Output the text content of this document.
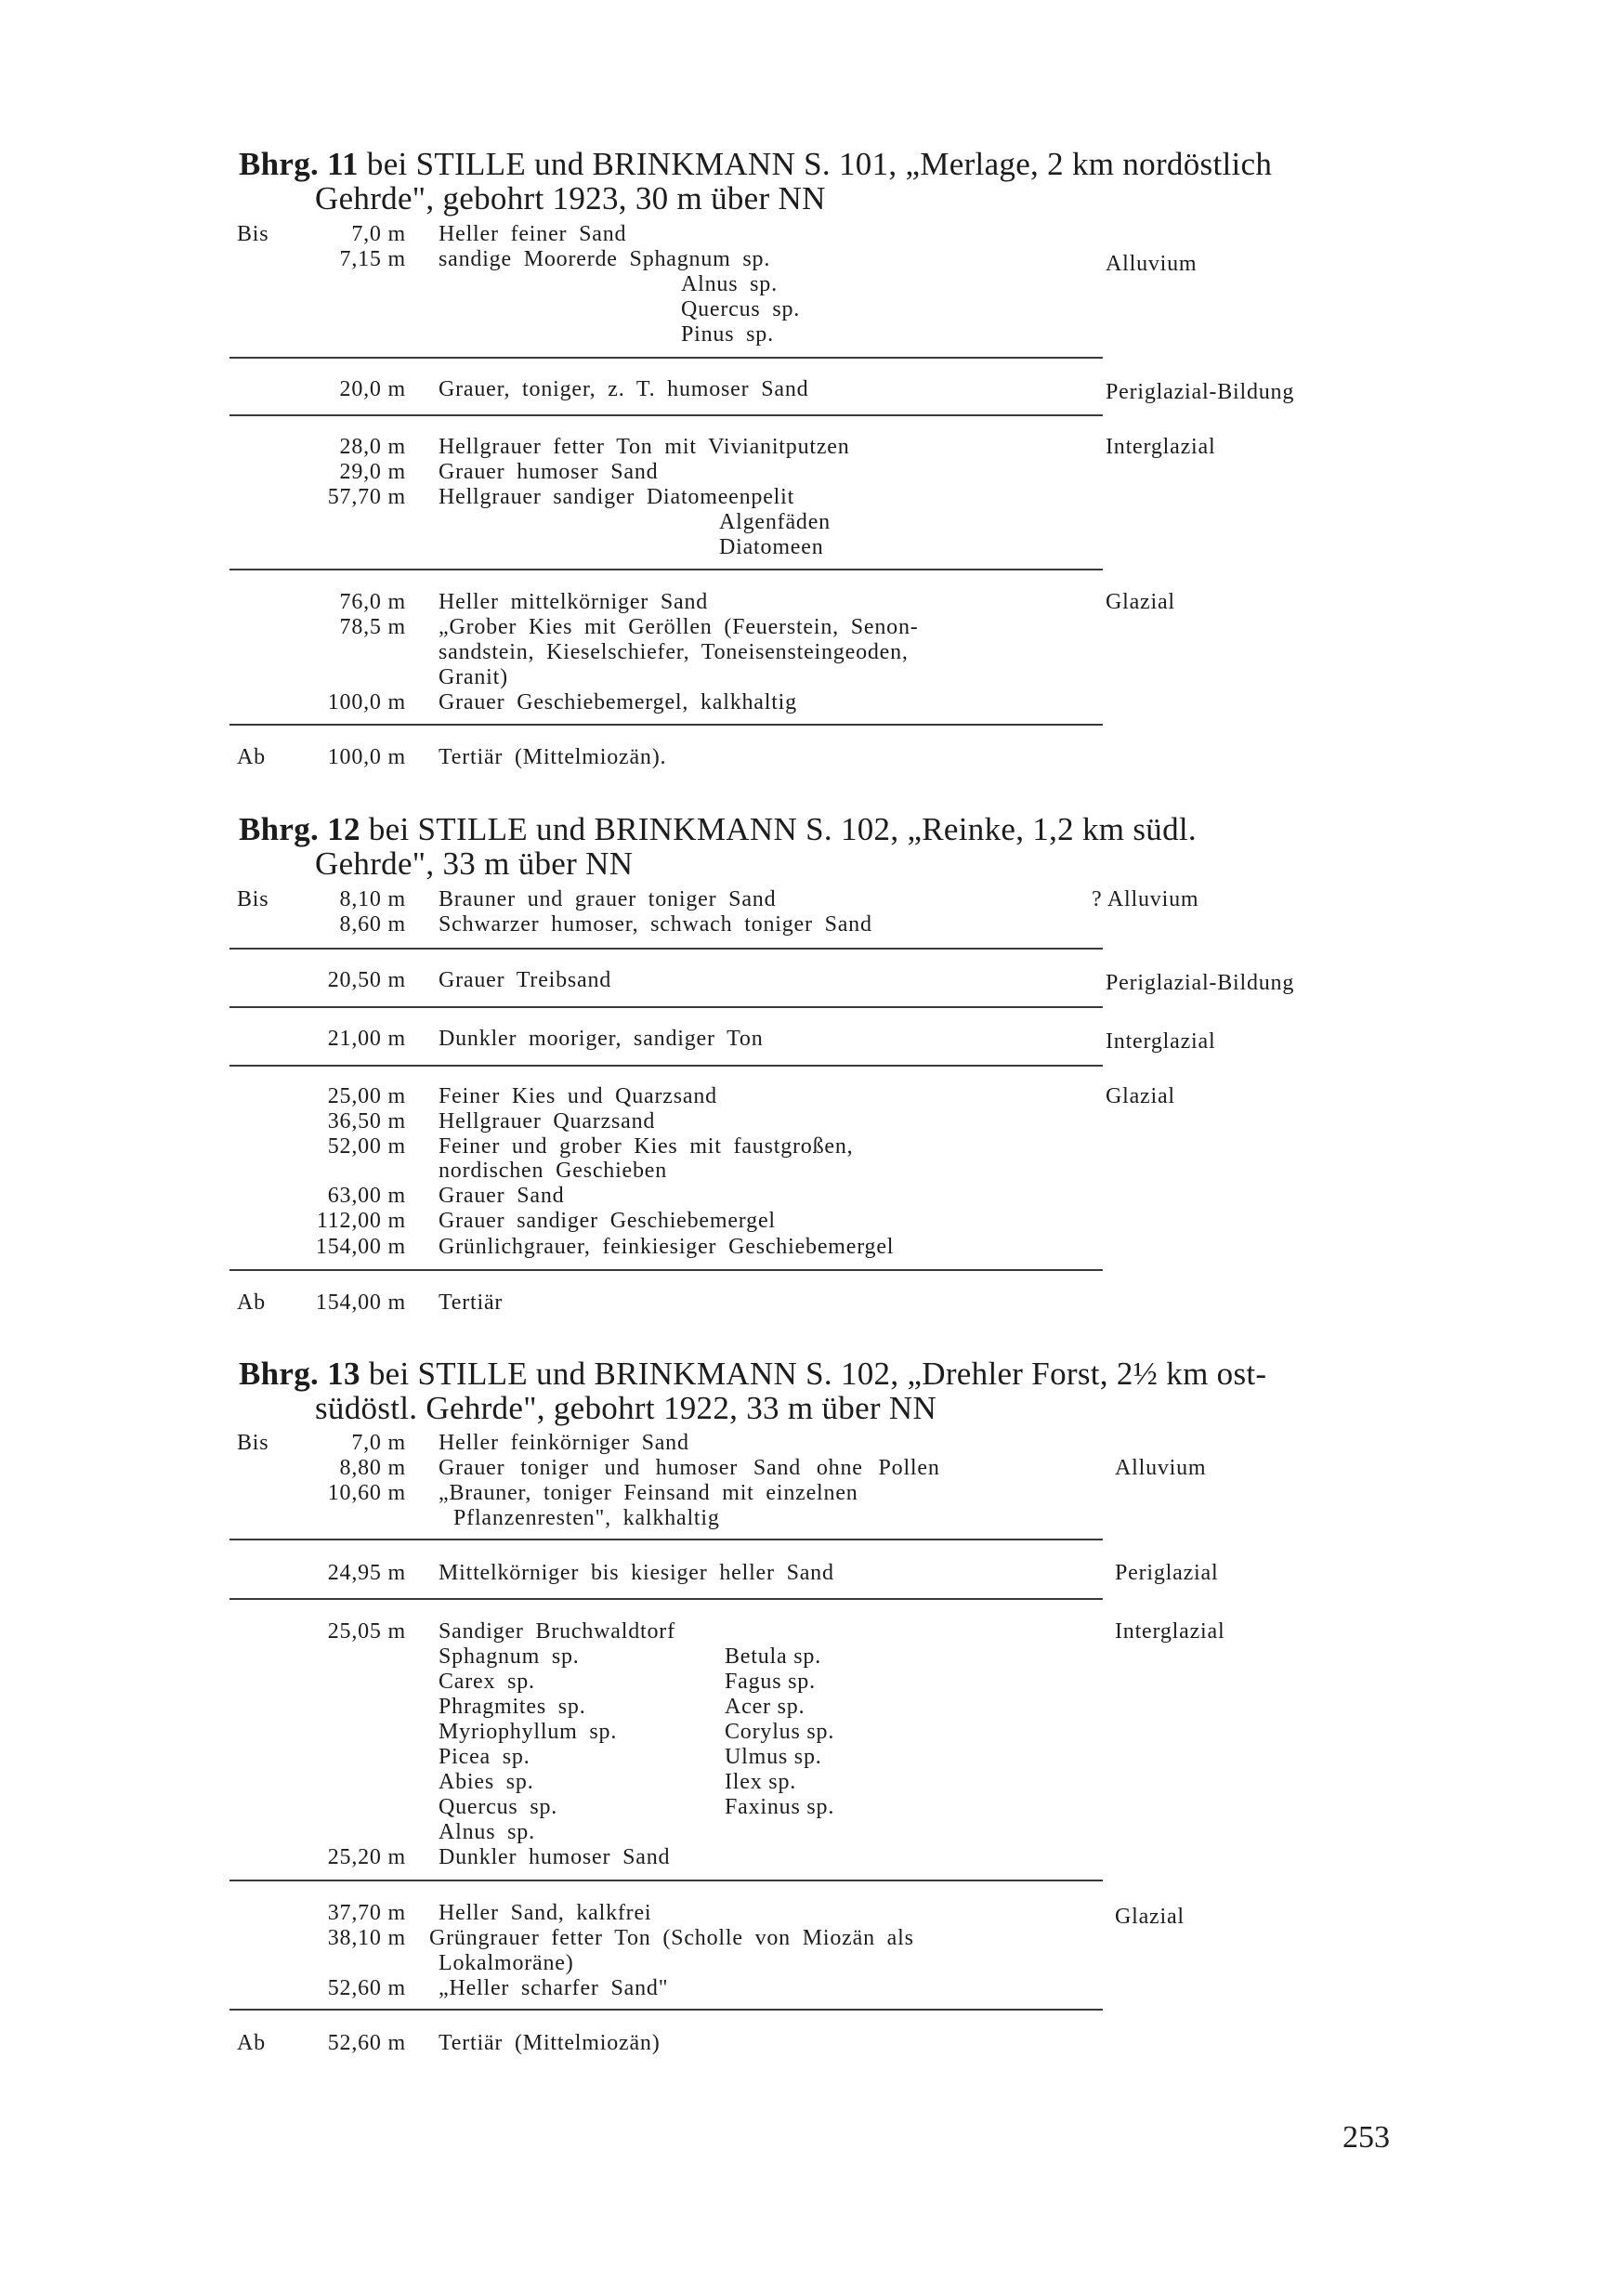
Bhrg. 11 bei STILLE und BRINKMANN S. 101, „Merlage, 2 km nordöstlich
Gehrde", gebohrt 1923, 30 m über NN
Bis	7,0 m Heller feiner Sand
7,15 m sandige Moorerde Sphagnum sp.	Alluvium
Alnus sp.
Quercus sp.
Pinus sp.
20,0 m Grauer, toniger, z. T. humoser Sand	Periglazial-Bildung
28,0 m Hellgrauer fetter Ton mit Vivianitputzen	Interglazial
29,0 m Grauer humoser Sand
57,70 m Hellgrauer sandiger Diatomeenpelit
Algenfäden
Diatomeen
76,0 m Heller mittelkörniger Sand	Glazial
78,5 m „Grober Kies mit Geröllen (Feuerstein, Senon-
sandstein, Kieselschiefer, Toneisensteingeoden,
Granit)
100,0 m Grauer Geschiebemergel, kalkhaltig
Ab	100,0 m Tertiär (Mittelmiozän).
Bhrg. 12 bei STILLE und BRINKMANN S. 102, „Reinke, 1,2 km südl.
Gehrde", 33 m über NN
Bis	8,10 m Brauner und grauer toniger Sand	? Alluvium
8,60 m Schwarzer humoser, schwach toniger Sand
20,50 m Grauer Treibsand	Periglazial-Bildung
21,00 m Dunkler mooriger, sandiger Ton	Interglazial
25,00 m Feiner Kies und Quarzsand	Glazial
36,50 m Hellgrauer Quarzsand
52,00 m Feiner und grober Kies mit faustgroßen,
nordischen Geschieben
63,00 m Grauer Sand
112,00 m Grauer sandiger Geschiebemergel
154,00 m Grünlichgrauer, feinkiesiger Geschiebemergel
Ab	154,00 m Tertiär
Bhrg. 13 bei STILLE und BRINKMANN S. 102, „Drehler Forst, 2½ km ost-
südöstl. Gehrde", gebohrt 1922, 33 m über NN
Bis	7,0 m Heller feinkörniger Sand
8,80 m Grauer toniger und humoser Sand ohne Pollen	Alluvium
10,60 m „Brauner, toniger Feinsand mit einzelnen
Pflanzenresten", kalkhaltig
24,95 m Mittelkörniger bis kiesiger heller Sand	Periglazial
25,05 m Sandiger Bruchwaldtorf	Interglazial
Sphagnum sp.	Betula sp.
Carex sp.	Fagus sp.
Phragmites sp.	Acer sp.
Myriophyllum sp.	Corylus sp.
Picea sp.	Ulmus sp.
Abies sp.	Ilex sp.
Quercus sp.	Faxinus sp.
Alnus sp.
25,20 m Dunkler humoser Sand
37,70 m Heller Sand, kalkfrei	Glazial
38,10 m Grüngrauer fetter Ton (Scholle von Miozän als
Lokalmoräne)
52,60 m „Heller scharfer Sand"
Ab	52,60 m Tertiär (Mittelmiozän)
253
